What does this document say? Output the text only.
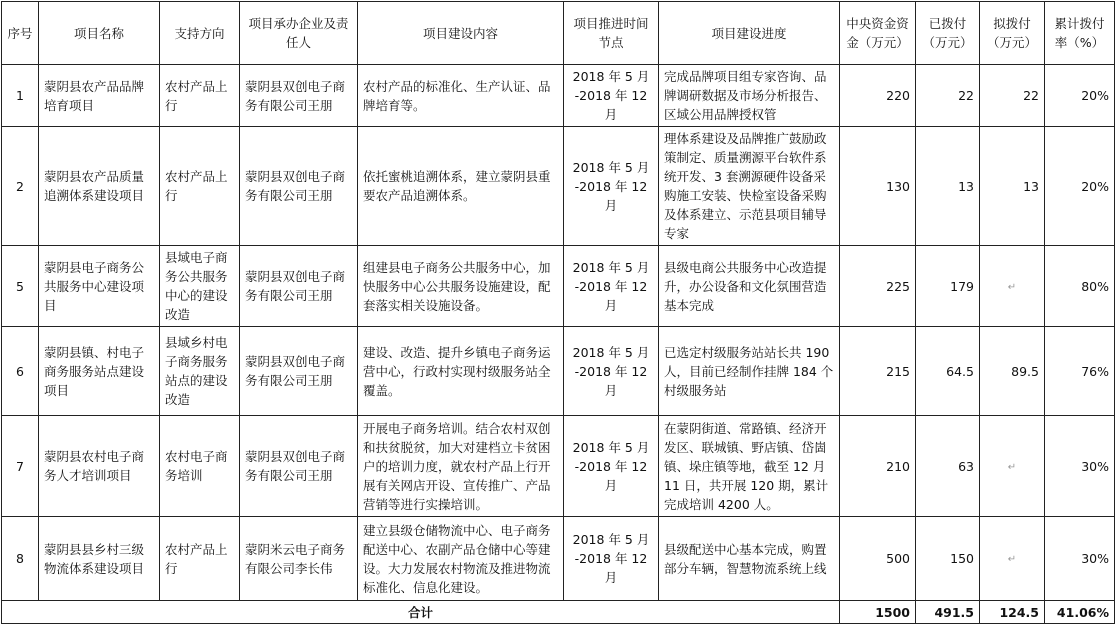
序号	项目名称	支持方向	项目承办企业及责任人	项目建设内容	项目推进时间节点	项目建设进度	中央资金资金（万元）	已拨付（万元）	拟拨付（万元）	累计拨付率（%）
1	蒙阴县农产品品牌培育项目	农村产品上行	蒙阴县双创电子商务有限公司王朋	农村产品的标准化、生产认证、品牌培育等。	2018 年 5 月 -2018 年 12 月	完成品牌项目组专家咨询、品牌调研数据及市场分析报告、区域公用品牌授权管	220	22	22	20%
2	蒙阴县农产品质量追溯体系建设项目	农村产品上行	蒙阴县双创电子商务有限公司王朋	依托蜜桃追溯体系，建立蒙阴县重要农产品追溯体系。	2018 年 5 月 -2018 年 12 月	理体系建设及品牌推广鼓励政策制定、质量溯源平台软件系统开发、3 套溯源硬件设备采购施工安装、快检室设备采购及体系建立、示范县项目辅导专家	130	13	13	20%
5	蒙阴县电子商务公共服务中心建设项目	县域电子商务公共服务中心的建设改造	蒙阴县双创电子商务有限公司王朋	组建县电子商务公共服务中心，加快服务中心公共服务设施建设，配套落实相关设施设备。	2018 年 5 月 -2018 年 12 月	县级电商公共服务中心改造提升，办公设备和文化氛围营造基本完成	225	179	↵	80%
6	蒙阴县镇、村电子商务服务站点建设项目	县域乡村电子商务服务站点的建设改造	蒙阴县双创电子商务有限公司王朋	建设、改造、提升乡镇电子商务运营中心，行政村实现村级服务站全覆盖。	2018 年 5 月 -2018 年 12 月	已选定村级服务站站长共 190 人，目前已经制作挂牌 184 个村级服务站	215	64.5	89.5	76%
7	蒙阴县农村电子商务人才培训项目	农村电子商务培训	蒙阴县双创电子商务有限公司王朋	开展电子商务培训。结合农村双创和扶贫脱贫，加大对建档立卡贫困户的培训力度，就农村产品上行开展有关网店开设、宣传推广、产品营销等进行实操培训。	2018 年 5 月 -2018 年 12 月	在蒙阴街道、常路镇、经济开发区、联城镇、野店镇、岱崮镇、垛庄镇等地，截至 12 月 11 日，共开展 120 期，累计完成培训 4200 人。	210	63	↵	30%
8	蒙阴县县乡村三级物流体系建设项目	农村产品上行	蒙阴米云电子商务有限公司李长伟	建立县级仓储物流中心、电子商务配送中心、农副产品仓储中心等建设。大力发展农村物流及推进物流标准化、信息化建设。	2018 年 5 月 -2018 年 12 月	县级配送中心基本完成，购置部分车辆，智慧物流系统上线	500	150	↵	30%
合计							1500	491.5	124.5	41.06%
